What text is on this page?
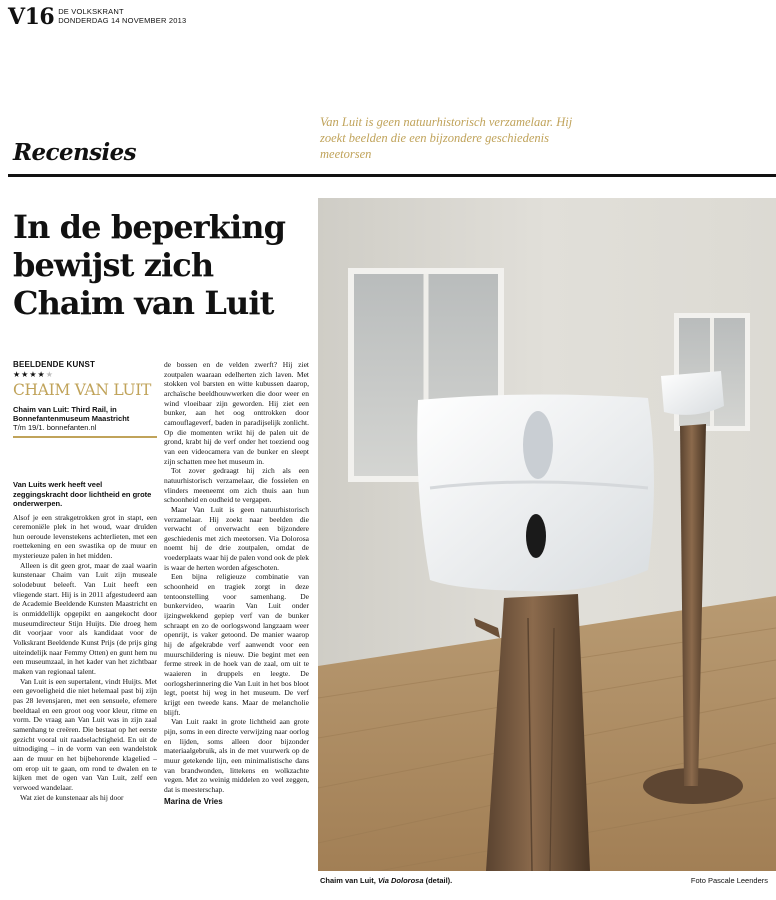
V16 DE VOLKSKRANT
DONDERDAG 14 NOVEMBER 2013
Van Luit is geen natuurhistorisch verzamelaar. Hij zoekt beelden die een bijzondere geschiedenis meetorsen
Recensies
In de beperking bewijst zich Chaim van Luit
BEELDENDE KUNST
★★★★★
CHAIM VAN LUIT
Chaim van Luit: Third Rail, in Bonnefantenmuseum Maastricht
T/m 19/1. bonnefanten.nl
Van Luits werk heeft veel zeggingskracht door lichtheid en grote onderwerpen.

Alsof je een strakgetrokken grot in stapt, een ceremoniële plek in het woud, waar druïden hun oeroude levenstekens achterlieten, met een roettekening en een swastika op de muur en mysterieuze palen in het midden.

Alleen is dit geen grot, maar de zaal waarin kunstenaar Chaim van Luit zijn museale solodebuut beleeft. Van Luit heeft een vliegende start. Hij is in 2011 afgestudeerd aan de Academie Beeldende Kunsten Maastricht en is onmiddellijk opgepikt en aangekocht door museumdirecteur Stijn Huijts. Die droeg hem dit voorjaar voor als kandidaat voor de Volkskrant Beeldende Kunst Prijs (de prijs ging uiteindelijk naar Femmy Otten) en gunt hem nu een museumzaal, in het kader van het zichtbaar maken van regionaal talent.

Van Luit is een supertalent, vindt Huijts. Met een gevoeligheid die niet helemaal past bij zijn pas 28 levensjaren, met een sensuele, efemere beeldtaal en een groot oog voor kleur, ritme en vorm. De vraag aan Van Luit was in zijn zaal samenhang te creëren. Die bestaat op het eerste gezicht vooral uit raadselachtigheid. En uit de uitnodiging – in de vorm van een wandelstok aan de muur en het bijbehorende klagelied – om erop uit te gaan, om rond te dwalen en te kijken met de ogen van Van Luit, zelf een verwoed wandelaar.

Wat ziet de kunstenaar als hij door

de bossen en de velden zwerft? Hij ziet zoutpalen waaraan edelherten zich laven. Met stokken vol barsten en witte kubussen daarop, archaïsche beeldhouwwerken die door weer en wind vloeibaar zijn geworden. Hij ziet een bunker, aan het oog onttrokken door camouflageverf, baden in paradijselijk zonlicht. Op die momenten wrikt hij de palen uit de grond, krabt hij de verf onder het toeziend oog van een videocamera van de bunker en sleept zijn schatten mee het museum in.

Tot zover gedraagt hij zich als een natuurhistorisch verzamelaar, die fossielen en vlinders meeneemt om zich thuis aan hun schoonheid en oudheid te vergapen.

Maar Van Luit is geen natuurhistorisch verzamelaar. Hij zoekt naar beelden die verwacht of onverwacht een bijzondere geschiedenis met zich meetorsen. Via Dolorosa noemt hij de drie zoutpalen, omdat de voederplaats waar hij de palen vond ook de plek is waar de herten worden afgeschoten.

Een bijna religieuze combinatie van schoonheid en tragiek zorgt in deze tentoonstelling voor samenhang. De bunkervideo, waarin Van Luit onder ijzingwekkend gepiep verf van de bunker schraapt en zo de oorlogswond langzaam weer openrijt, is vaker getoond. De manier waarop hij de afgekrabde verf aanwendt voor een muurschildering is nieuw. Die begint met een ferme streek in de hoek van de zaal, om uit te waaieren in druppels en leegte. De oorlogsherinnering die Van Luit in het bos bloot legt, poetst hij weg in het museum. De verf krijgt een tweede kans. Maar de melancholie blijft.

Van Luit raakt in grote lichtheid aan grote pijn, soms in een directe verwijzing naar oorlog en lijden, soms alleen door bijzonder materiaalgebruik, als in de met vuurwerk op de muur getekende lijn, een minimalistische dans van brandwonden, littekens en wolkzachte vegen. Met zo weinig middelen zo veel zeggen, dat is meesterschap.

Marina de Vries
Chaim van Luit, Via Dolorosa (detail).	Foto Pascale Leenders
